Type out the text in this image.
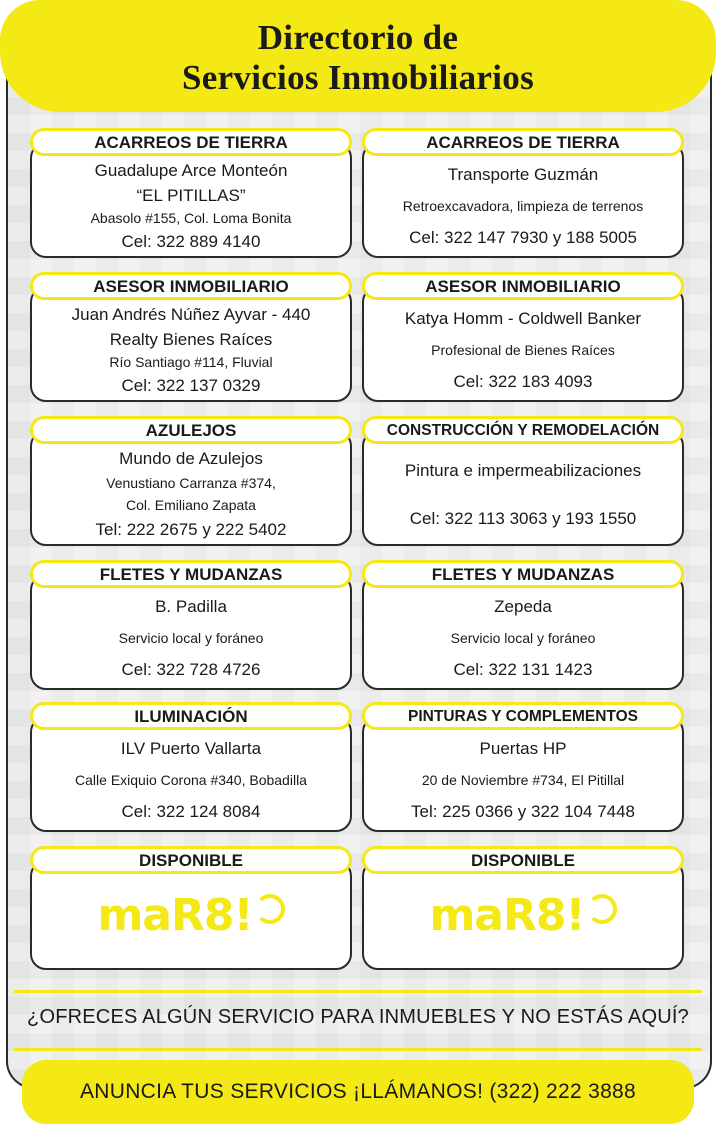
Directorio de
Servicios Inmobiliarios
ACARREOS DE TIERRA
Guadalupe Arce Monteón
“EL PITILLAS”
Abasolo #155, Col. Loma Bonita
Cel: 322 889 4140
ACARREOS DE TIERRA
Transporte Guzmán
Retroexcavadora, limpieza de terrenos
Cel: 322 147 7930 y 188 5005
ASESOR INMOBILIARIO
Juan Andrés Núñez Ayvar - 440
Realty Bienes Raíces
Río Santiago #114, Fluvial
Cel: 322 137 0329
ASESOR INMOBILIARIO
Katya Homm - Coldwell Banker
Profesional de Bienes Raíces
Cel: 322 183 4093
AZULEJOS
Mundo de Azulejos
Venustiano Carranza #374,
Col. Emiliano Zapata
Tel: 222 2675 y 222 5402
CONSTRUCCIÓN Y REMODELACIÓN
Pintura e impermeabilizaciones
Cel: 322 113 3063 y 193 1550
FLETES Y MUDANZAS
B. Padilla
Servicio local y foráneo
Cel: 322 728 4726
FLETES Y MUDANZAS
Zepeda
Servicio local y foráneo
Cel: 322 131 1423
ILUMINACIÓN
ILV Puerto Vallarta
Calle Exiquio Corona #340, Bobadilla
Cel: 322 124 8084
PINTURAS Y COMPLEMENTOS
Puertas HP
20 de Noviembre #734, El Pitillal
Tel: 225 0366 y 322 104 7448
DISPONIBLE
maR8!
DISPONIBLE
maR8!
¿OFRECES ALGÚN SERVICIO PARA INMUEBLES Y NO ESTÁS AQUÍ?
ANUNCIA TUS SERVICIOS ¡LLÁMANOS! (322) 222 3888
